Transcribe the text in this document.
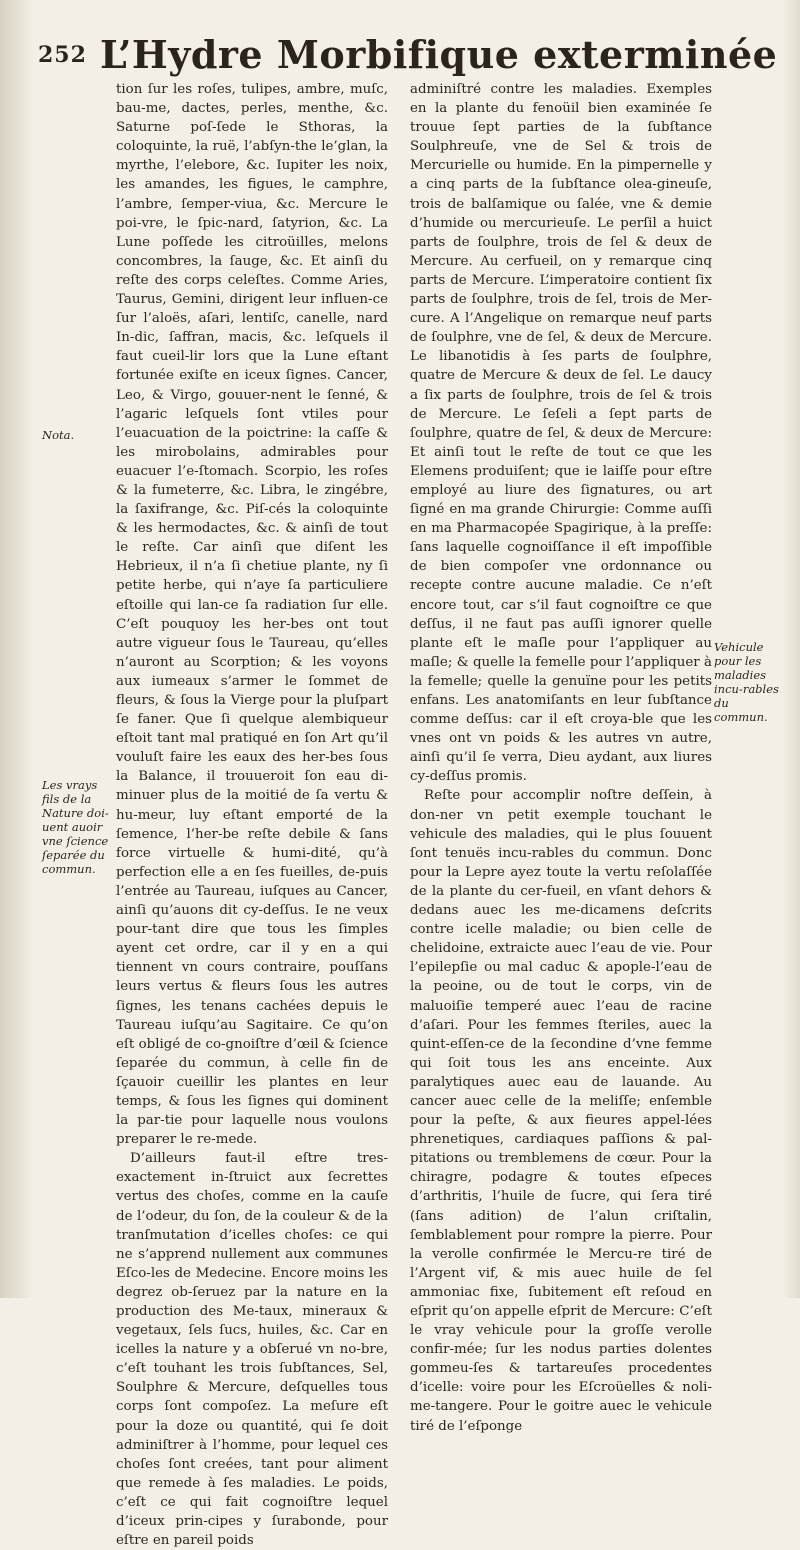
252 L’Hydre Morbifique exterminée

tion ſur les roſes, tulipes, ambre, muſc, bau-me, dactes, perles, menthe, &c. Saturne poſ-ſede le Sthoras, la coloquinte, la ruë, l’abſyn-the le’glan, la myrthe, l’elebore, &c. Iupiter les noix, les amandes, les figues, le camphre, l’ambre, ſemper-viua, &c. Mercure le poi-vre, le ſpic-nard, ſatyrion, &c. La Lune poſſede les citroüilles, melons concombres, la ſauge, &c. Et ainſi du reſte des corps celeſtes. Comme Aries, Taurus, Gemini, dirigent leur influen-ce ſur l’aloës, aſari, lentiſc, canelle, nard In-dic, ſaffran, macis, &c. leſquels il faut cueil-lir lors que la Lune eſtant fortunée exiſte en iceux ſignes. Cancer, Leo, & Virgo, gouuer-nent le ſenné, & l’agaric leſquels ſont vtiles pour l’euacuation de la poictrine: la caſſe & les mirobolains, admirables pour euacuer l’e-ſtomach. Scorpio, les roſes & la fumeterre, &c. Libra, le zingébre, la ſaxifrange, &c. Piſ-cés la coloquinte & les hermodactes, &c. & ainſi de tout le reſte. Car ainſi que diſent les Hebrieux, il n’a ſi chetiue plante, ny ſi petite herbe, qui n’aye ſa particuliere eſtoille qui lan-ce ſa radiation ſur elle. C’eſt pouquoy les her-bes ont tout autre vigueur ſous le Taureau, qu’elles n’auront au Scorption; & les voyons aux iumeaux s’armer le ſommet de fleurs, & ſous la Vierge pour la pluſpart ſe faner. Que ſi quelque alembiqueur eſtoit tant mal pratiqué en ſon Art qu’il vouluſt faire les eaux des her-bes ſous la Balance, il trouueroit ſon eau di-minuer plus de la moitié de ſa vertu & hu-meur, luy eſtant emporté de la ſemence, l’her-be reſte debile & ſans force virtuelle & humi-dité, qu’à perfection elle a en ſes fueilles, de-puis l’entrée au Taureau, iuſques au Cancer, ainſi qu’auons dit cy-deſſus. Ie ne veux pour-tant dire que tous les ſimples ayent cet ordre, car il y en a qui tiennent vn cours contraire, pouſſans leurs vertus & fleurs ſous les autres ſignes, les tenans cachées depuis le Taureau iuſqu’au Sagitaire. Ce qu’on eſt obligé de co-gnoiſtre d’œil & ſcience ſeparée du commun, à celle fin de ſçauoir cueillir les plantes en leur temps, & ſous les ſignes qui dominent la par-tie pour laquelle nous voulons preparer le re-mede.

D’ailleurs faut-il eſtre tres-exactement in-ſtruict aux ſecrettes vertus des choſes, comme en la cauſe de l’odeur, du ſon, de la couleur & de la tranſmutation d’icelles choſes: ce qui ne s’apprend nullement aux communes Eſco-les de Medecine. Encore moins les degrez ob-ſeruez par la nature en la production des Me-taux, mineraux & vegetaux, ſels ſucs, huiles, &c. Car en icelles la nature y a obſerué vn no-bre, c’eſt touhant les trois ſubſtances, Sel, Soulphre & Mercure, deſquelles tous corps ſont compoſez. La meſure eſt pour la doze ou quantité, qui ſe doit adminiſtrer à l’homme, pour lequel ces choſes ſont creées, tant pour aliment que remede à ſes maladies. Le poids, c’eſt ce qui fait cognoiſtre lequel d’iceux prin-cipes y ſurabonde, pour eſtre en pareil poids

adminiſtré contre les maladies. Exemples en la plante du fenoüil bien examinée ſe trouue ſept parties de la ſubſtance Soulphreuſe, vne de Sel & trois de Mercurielle ou humide. En la pimpernelle y a cinq parts de la ſubſtance olea-gineuſe, trois de balſamique ou ſalée, vne & demie d’humide ou mercurieuſe. Le perſil a huict parts de ſoulphre, trois de ſel & deux de Mercure. Au cerfueil, on y remarque cinq parts de Mercure. L’imperatoire contient ſix parts de ſoulphre, trois de ſel, trois de Mer-cure. A l’Angelique on remarque neuf parts de ſoulphre, vne de ſel, & deux de Mercure. Le libanotidis à ſes parts de ſoulphre, quatre de Mercure & deux de ſel. Le daucy a ſix parts de ſoulphre, trois de ſel & trois de Mercure. Le ſeſeli a ſept parts de ſoulphre, quatre de ſel, & deux de Mercure: Et ainſi tout le reſte de tout ce que les Elemens produiſent; que ie laiſſe pour eſtre employé au liure des ſignatures, ou art ſigné en ma grande Chirurgie: Comme auſſi en ma Pharmacopée Spagirique, à la preſſe: ſans laquelle cognoiſſance il eſt impoſſible de bien compoſer vne ordonnance ou recepte contre aucune maladie. Ce n’eſt encore tout, car s’il faut cognoiſtre ce que deſſus, il ne faut pas auſſi ignorer quelle plante eſt le maſle pour l’appliquer au maſle; & quelle la femelle pour l’appliquer à la femelle; quelle la genuïne pour les petits enfans. Les anatomiſants en leur ſubſtance comme deſſus: car il eſt croya-ble que les vnes ont vn poids & les autres vn autre, ainſi qu’il ſe verra, Dieu aydant, aux liures cy-deſſus promis.

Reſte pour accomplir noſtre deſſein, à don-ner vn petit exemple touchant le vehicule des maladies, qui le plus ſouuent ſont tenuës incu-rables du commun. Donc pour la Lepre ayez toute la vertu reſolaſſée de la plante du cer-fueil, en vſant dehors & dedans auec les me-dicamens deſcrits contre icelle maladie; ou bien celle de chelidoine, extraicte auec l’eau de vie. Pour l’epilepſie ou mal caduc & apople-l’eau de la peoine, ou de tout le corps, vin de maluoiſie temperé auec l’eau de racine d’aſari. Pour les femmes ſteriles, auec la quint-eſſen-ce de la ſecondine d’vne femme qui ſoit tous les ans enceinte. Aux paralytiques auec eau de lauande. Au cancer auec celle de la meliſſe; enſemble pour la peſte, & aux fieures appel-lées phrenetiques, cardiaques paſſions & pal-pitations ou tremblemens de cœur. Pour la chiragre, podagre & toutes eſpeces d’arthritis, l’huile de ſucre, qui ſera tiré (ſans adition) de l’alun criſtalin, ſemblablement pour rompre la pierre. Pour la verolle confirmée le Mercu-re tiré de l’Argent vif, & mis auec huile de ſel ammoniac fixe, ſubitement eſt reſoud en eſprit qu’on appelle eſprit de Mercure: C’eſt le vray vehicule pour la groſſe verolle confir-mée; ſur les nodus parties dolentes gommeu-ſes & tartareuſes procedentes d’icelle: voire pour les Eſcroüelles & noli-me-tangere. Pour le goitre auec le vehicule tiré de l’eſponge

Nota.
Les vrays fils de la Nature doi-uent auoir vne ſcience ſeparée du commun.
Vehicule pour les maladies incu-rables du commun.
